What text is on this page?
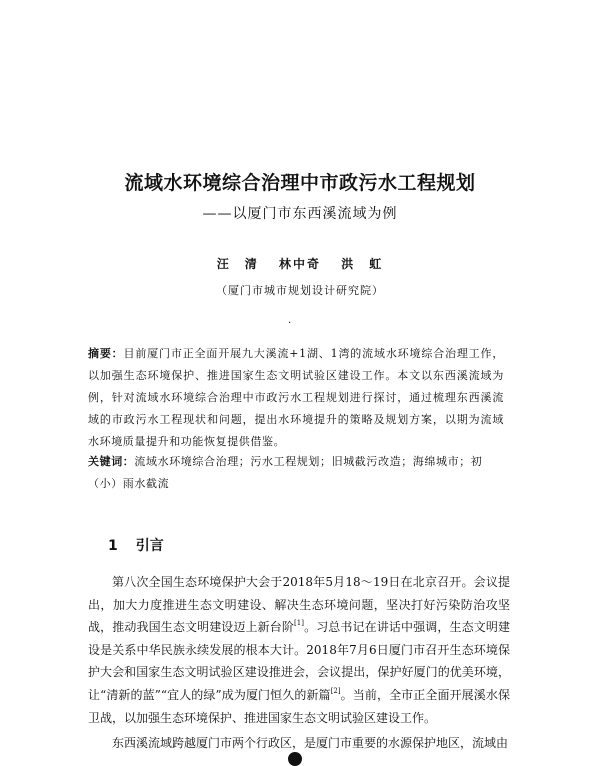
流域水环境综合治理中市政污水工程规划
——以厦门市东西溪流域为例
汪　清 林中奇 洪　虹
（厦门市城市规划设计研究院）
·
摘要：目前厦门市正全面开展九大溪流+1湖、1湾的流域水环境综合治理工作，以加强生态环境保护、推进国家生态文明试验区建设工作。本文以东西溪流域为例，针对流域水环境综合治理中市政污水工程规划进行探讨，通过梳理东西溪流域的市政污水工程现状和问题，提出水环境提升的策略及规划方案，以期为流域水环境质量提升和功能恢复提供借鉴。
关键词：流域水环境综合治理；污水工程规划；旧城截污改造；海绵城市；初（小）雨水截流
1 引言

第八次全国生态环境保护大会于2018年5月18～19日在北京召开。会议提出，加大力度推进生态文明建设、解决生态环境问题，坚决打好污染防治攻坚战，推动我国生态文明建设迈上新台阶[1]。习总书记在讲话中强调，生态文明建设是关系中华民族永续发展的根本大计。2018年7月6日厦门市召开生态环境保护大会和国家生态文明试验区建设推进会，会议提出，保护好厦门的优美环境，让“清新的蓝”“宜人的绿”成为厦门恒久的新篇[2]。当前，全市正全面开展溪水保卫战，以加强生态环境保护、推进国家生态文明试验区建设工作。

东西溪流域跨越厦门市两个行政区，是厦门市重要的水源保护地区，流域由
